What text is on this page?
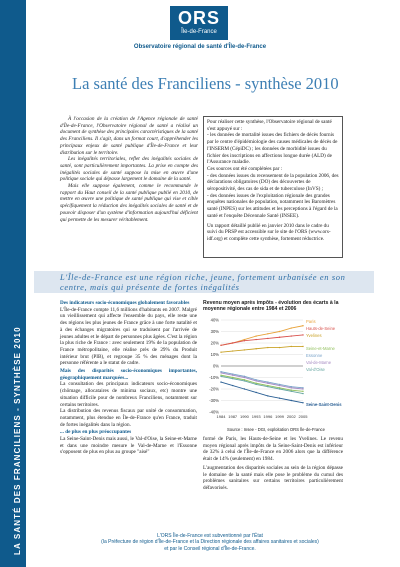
LA SANTÉ DES FRANCILIENS - SYNTHÈSE 2010
ORS
Île-de-France
Observatoire régional de santé d'Île-de-France
La santé des Franciliens - synthèse 2010

À l'occasion de la création de l'Agence régionale de santé d'Île-de-France, l'Observatoire régional de santé a réalisé un document de synthèse des principales caractéristiques de la santé des Franciliens. Il s'agit, dans un format court, d'appréhender les principaux enjeux de santé publique d'Île-de-France et leur distribution sur le territoire.

Les inégalités territoriales, reflet des inégalités sociales de santé, sont particulièrement importantes. La prise en compte des inégalités sociales de santé suppose la mise en œuvre d'une politique sociale qui dépasse largement le domaine de la santé.

Mais elle suppose également, comme le recommande le rapport du Haut conseil de la santé publique publié en 2010, de mettre en œuvre une politique de santé publique qui vise et cible spécifiquement la réduction des inégalités sociales de santé et de pouvoir disposer d'un système d'information aujourd'hui déficient qui permette de les mesurer véritablement.

Pour réaliser cette synthèse, l'Observatoire régional de santé s'est appuyé sur :
- les données de mortalité issues des fichiers de décès fournis par le centre d'épidémiologie des causes médicales de décès de l'INSERM (CépiDC) ; les données de morbidité issues du fichier des inscriptions en affections longue durée (ALD) de l'Assurance maladie.
Ces sources ont été complétées par :
- des données issues du recensement de la population 2006, des déclarations obligatoires (DO) des découvertes de séropositivité, des cas de sida et de tuberculose (InVS) ;
- des données issues de l'exploitation régionale des grandes enquêtes nationales de population, notamment les Baromètres santé (INPES) sur les attitudes et les perceptions à l'égard de la santé et l'enquête Décennale Santé (INSEE).
Un rapport détaillé publié en janvier 2010 dans le cadre du suivi du PRSP est accessible sur le site de l'ORS (www.ors-idf.org) et complète cette synthèse, fortement réductrice.
L'Île-de-France est une région riche, jeune, fortement urbanisée en son centre, mais qui présente de fortes inégalités
Des indicateurs socio-économiques globalement favorables
L'Île-de-France compte 11,6 millions d'habitants en 2007. Malgré un vieillissement qui affecte l'ensemble du pays, elle reste une des régions les plus jeunes de France grâce à une forte natalité et à des échanges migratoires qui se traduisent par l'arrivée de jeunes adultes et le départ de personnes plus âgées. C'est la région la plus riche de France : avec seulement 19% de la population de France métropolitaine, elle réalise près de 29% du Produit intérieur brut (PIB), et regroupe 35 % des ménages dont la personne référente a le statut de cadre.
Mais des disparités socio-économiques importantes, géographiquement marquées...
La consultation des principaux indicateurs socio-économiques (chômage, allocataires de minima sociaux, etc) montre une situation difficile pour de nombreux Franciliens, notamment sur certains territoires.
La distribution des revenus fiscaux par unité de consommation, notamment, plus étendue en Île-de-France qu'en France, traduit de fortes inégalités dans la région.
... de plus en plus préoccupantes
La Seine-Saint-Denis mais aussi, le Val-d'Oise, la Seine-et-Marne et dans une moindre mesure le Val-de-Marne et l'Essonne s'opposent de plus en plus au groupe "aisé"
Revenu moyen après impôts - évolution des écarts à la moyenne régionale entre 1984 et 2006
40%
30%
20%
10%
0%
-10%
-20%
-30%
-40%
1984 1987 1990 1993 1996 1999 2002 2005
Paris
Hauts-de-Seine
Yvelines
Seine-et-Marne
Essonne
Val-de-Marne
Val-d'Oise
Seine-Saint-Denis
Source : Insee - DGI, exploitation ORS Île-de-France
formé de Paris, les Hauts-de-Seine et les Yvelines. Le revenu moyen régional après impôts de la Seine-Saint-Denis est inférieur de 32% à celui de l'Île-de-France en 2006 alors que la différence était de 14% (seulement) en 1984.
L'augmentation des disparités sociales au sein de la région dépasse le domaine de la santé mais elle pose le problème du cumul des problèmes sanitaires sur certains territoires particulièrement défavorisés.
L'ORS Île-de-France est subventionné par l'État
(la Préfecture de région d'Île-de-France et la Direction régionale des affaires sanitaires et sociales)
et par le Conseil régional d'Île-de-France.
